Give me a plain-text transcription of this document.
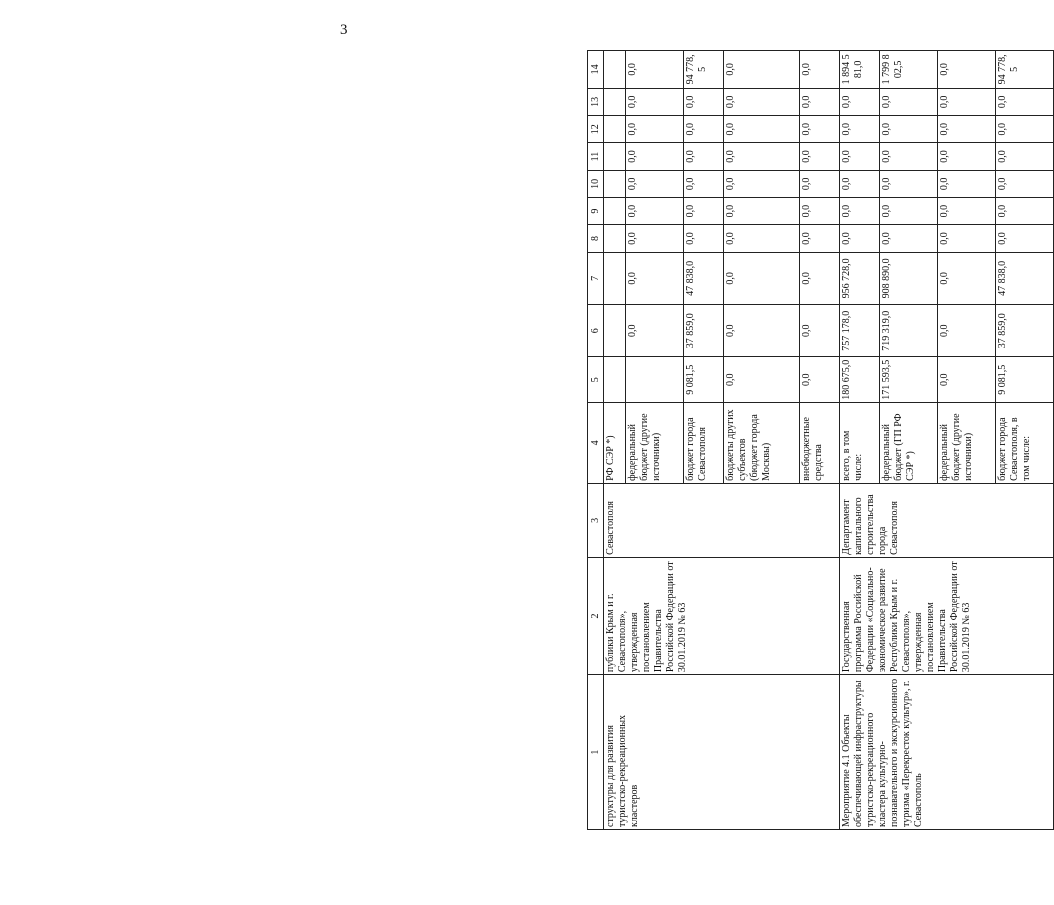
3
1	2	3	4	5	6	7	8	9	10	11	12	13	14
структуры для развития туристско-рекреационных кластеров	публики Крым и г. Севастополя», утвержденная постановлением Правительства Российской Федерации от 30.01.2019 № 63	Севастополя	РФ СЭР *)										
			федеральный бюджет (другие источники)		0,0	0,0	0,0	0,0	0,0	0,0	0,0	0,0	0,0
			бюджет города Севастополя	9 081,5	37 859,0	47 838,0	0,0	0,0	0,0	0,0	0,0	0,0	94 778,5
			бюджеты других субъектов (бюджет города Москвы)	0,0	0,0	0,0	0,0	0,0	0,0	0,0	0,0	0,0	0,0
			внебюджетные средства	0,0	0,0	0,0	0,0	0,0	0,0	0,0	0,0	0,0	0,0
Мероприятие 4.1 Объекты обеспечивающей инфраструктуры туристско-рекреационного кластера культурно-познавательного и экскурсионного туризма «Перекресток культур», г. Севастополь	Государственная программа Российской Федерации «Социально-экономическое развитие Республики Крым и г. Севастополя», утвержденная постановлением Правительства Российской Федерации от 30.01.2019 № 63	Департамент капитального строительства города Севастополя	всего, в том числе:	180 675,0	757 178,0	956 728,0	0,0	0,0	0,0	0,0	0,0	0,0	1 894 581,0
			федеральный бюджет (ГП РФ СЭР *)	171 593,5	719 319,0	908 890,0	0,0	0,0	0,0	0,0	0,0	0,0	1 799 802,5
			федеральный бюджет (другие источники)	0,0	0,0	0,0	0,0	0,0	0,0	0,0	0,0	0,0	0,0
			бюджет города Севастополя, в том числе:	9 081,5	37 859,0	47 838,0	0,0	0,0	0,0	0,0	0,0	0,0	94 778,5
